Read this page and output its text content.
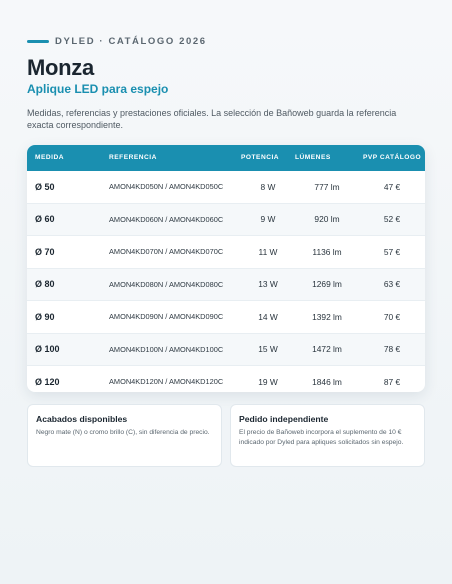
DYLED · CATÁLOGO 2026
Monza
Aplique LED para espejo

Medidas, referencias y prestaciones oficiales. La selección de Bañoweb guarda la referencia exacta correspondiente.

MEDIDA	REFERENCIA	POTENCIA	LÚMENES	PVP CATÁLOGO
Ø 50	AMON4KD050N / AMON4KD050C	8 W	777 lm	47 €
Ø 60	AMON4KD060N / AMON4KD060C	9 W	920 lm	52 €
Ø 70	AMON4KD070N / AMON4KD070C	11 W	1136 lm	57 €
Ø 80	AMON4KD080N / AMON4KD080C	13 W	1269 lm	63 €
Ø 90	AMON4KD090N / AMON4KD090C	14 W	1392 lm	70 €
Ø 100	AMON4KD100N / AMON4KD100C	15 W	1472 lm	78 €
Ø 120	AMON4KD120N / AMON4KD120C	19 W	1846 lm	87 €

Acabados disponibles

Negro mate (N) o cromo brillo (C), sin diferencia de precio.

Pedido independiente

El precio de Bañoweb incorpora el suplemento de 10 € indicado por Dyled para apliques solicitados sin espejo.
